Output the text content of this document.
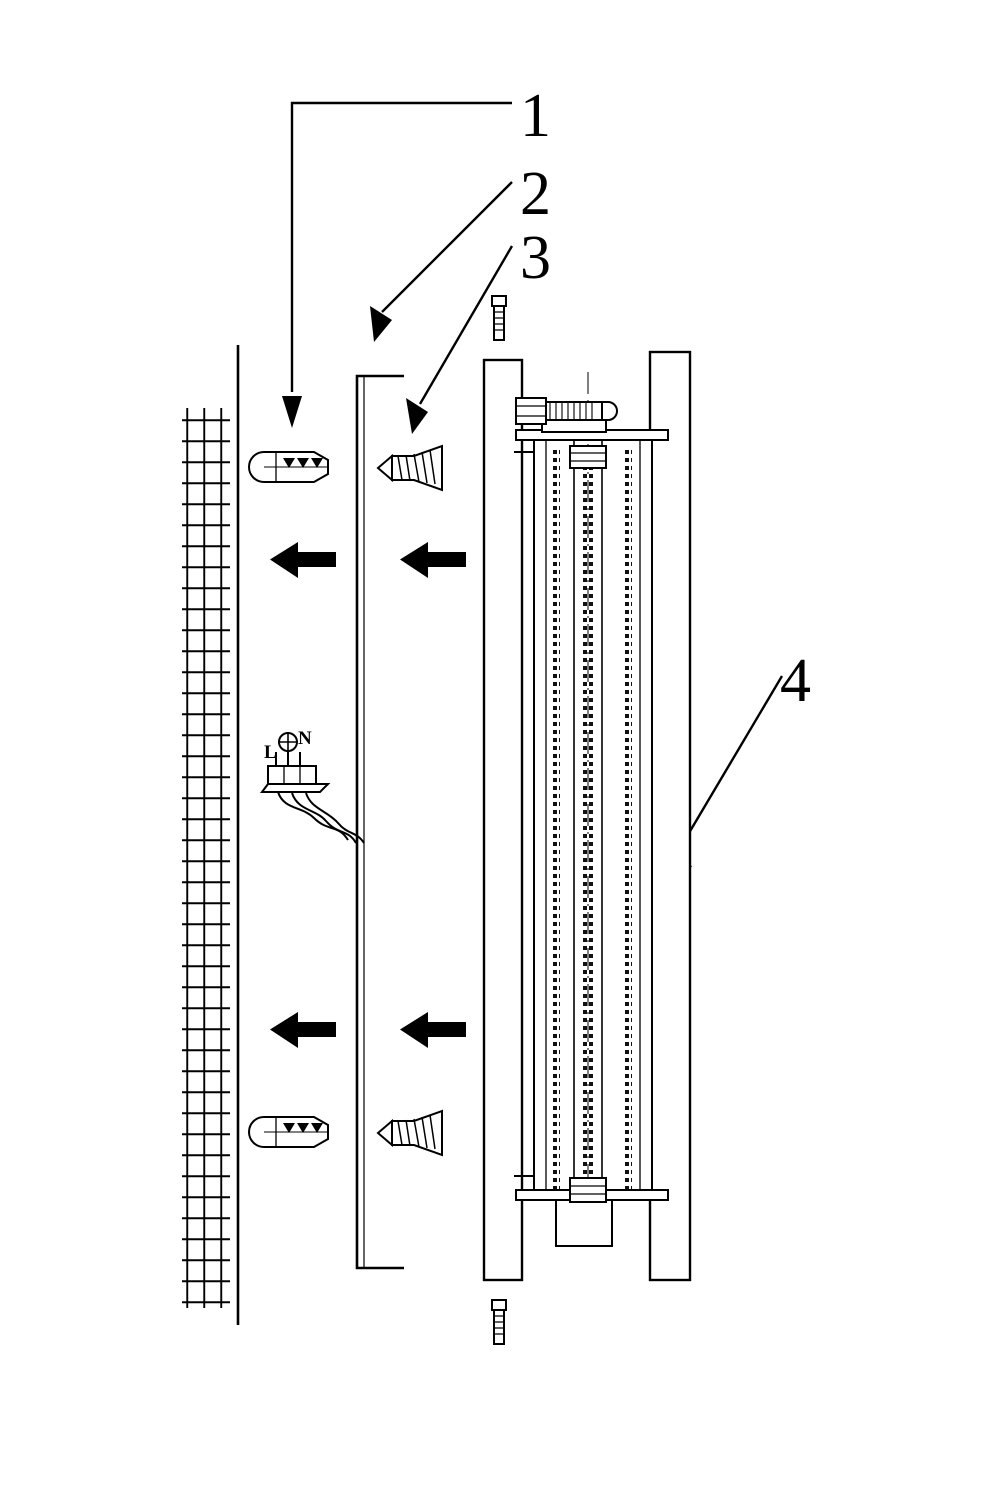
1
2
3
4
L
N
